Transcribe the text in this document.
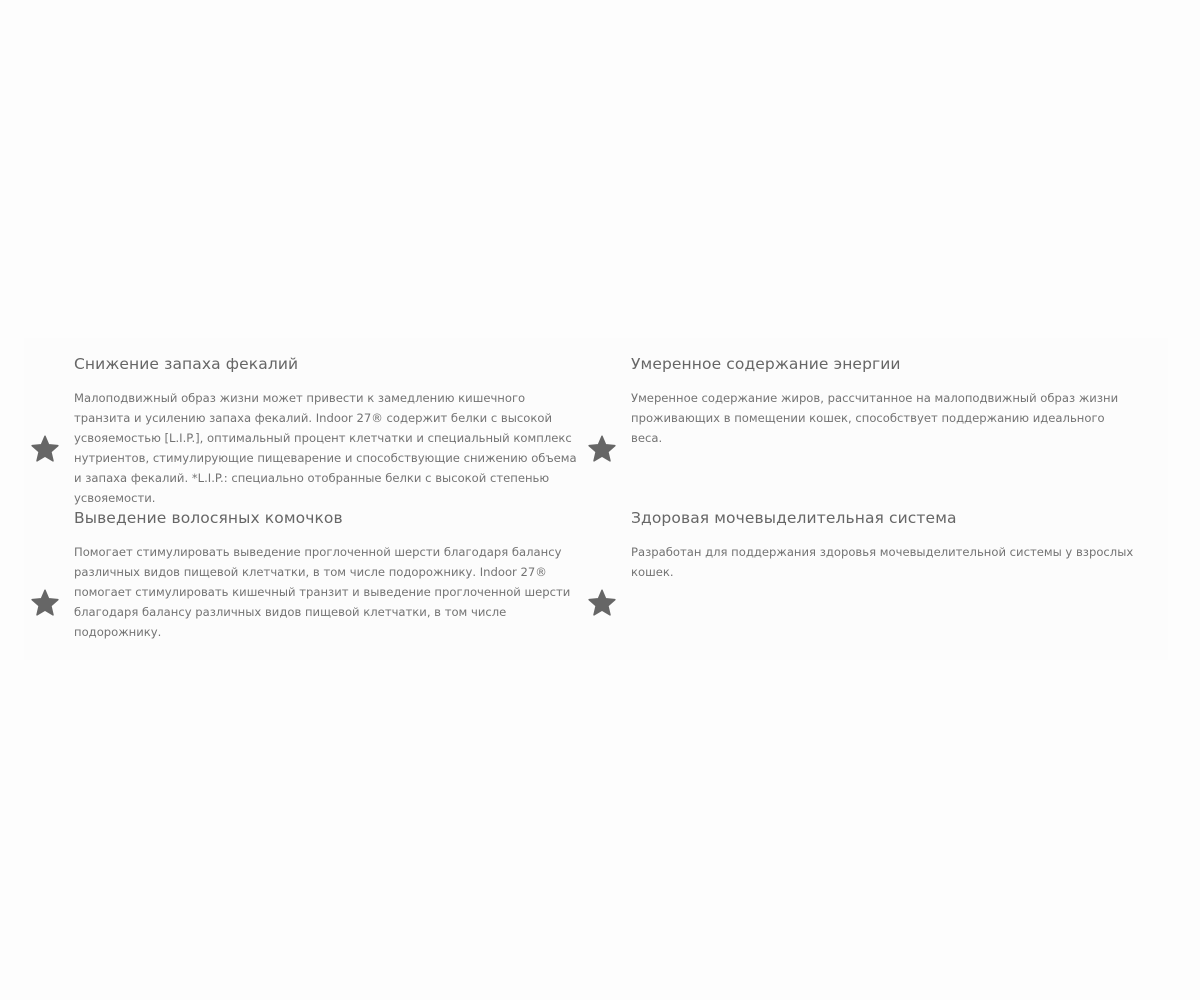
Снижение запаха фекалий

Малоподвижный образ жизни может привести к замедлению кишечного транзита и усилению запаха фекалий. Indoor 27® содержит белки с высокой усвояемостью [L.I.P.], оптимальный процент клетчатки и специальный комплекс нутриентов, стимулирующие пищеварение и способствующие снижению объема и запаха фекалий. *L.I.P.: специально отобранные белки с высокой степенью усвояемости.

Умеренное содержание энергии

Умеренное содержание жиров, рассчитанное на малоподвижный образ жизни проживающих в помещении кошек, способствует поддержанию идеального веса.

Выведение волосяных комочков

Помогает стимулировать выведение проглоченной шерсти благодаря балансу различных видов пищевой клетчатки, в том числе подорожнику. Indoor 27® помогает стимулировать кишечный транзит и выведение проглоченной шерсти благодаря балансу различных видов пищевой клетчатки, в том числе подорожнику.

Здоровая мочевыделительная система

Разработан для поддержания здоровья мочевыделительной системы у взрослых кошек.
